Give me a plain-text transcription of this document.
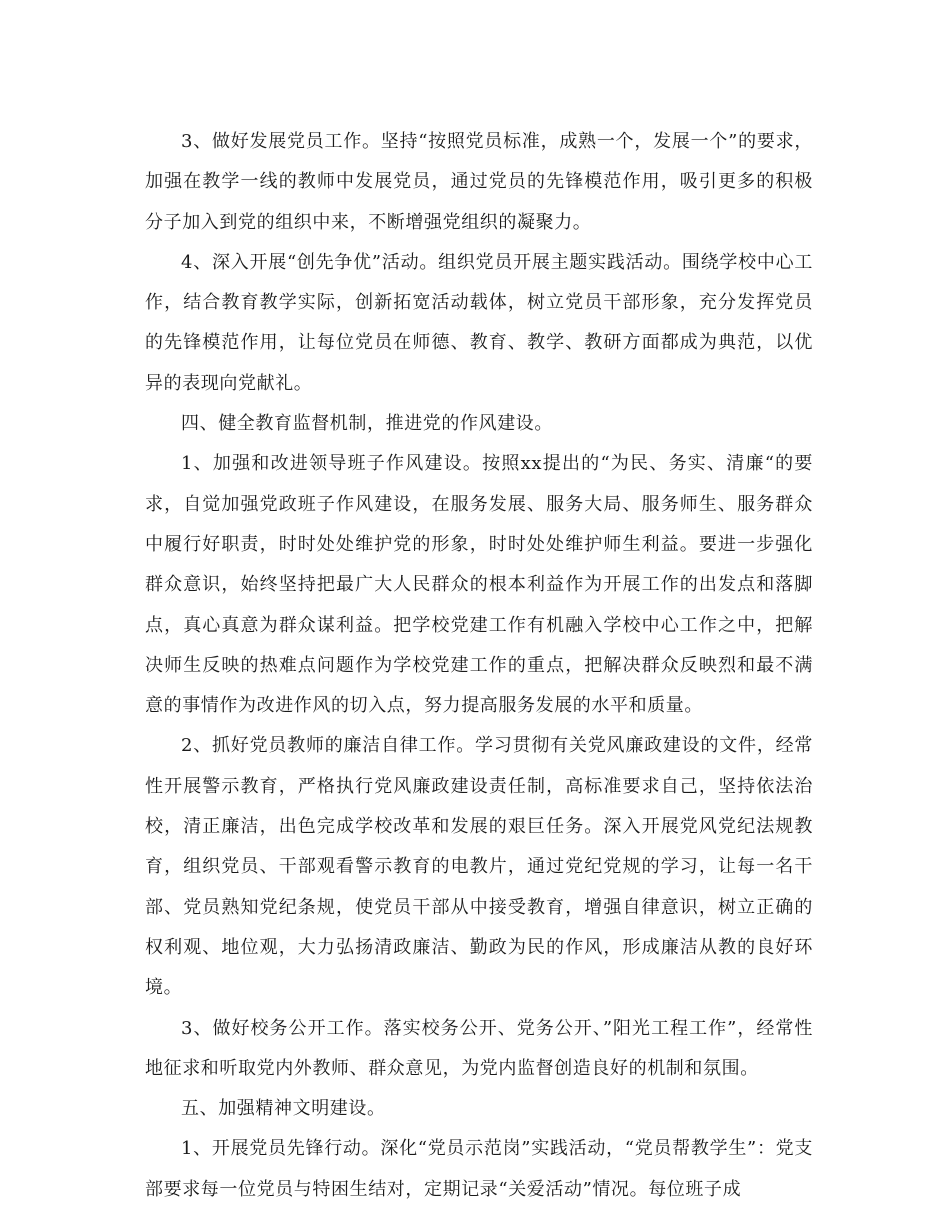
3、做好发展党员工作。坚持“按照党员标准，成熟一个，发展一个”的要求，加强在教学一线的教师中发展党员，通过党员的先锋模范作用，吸引更多的积极分子加入到党的组织中来，不断增强党组织的凝聚力。

4、深入开展“创先争优”活动。组织党员开展主题实践活动。围绕学校中心工作，结合教育教学实际，创新拓宽活动载体，树立党员干部形象，充分发挥党员的先锋模范作用，让每位党员在师德、教育、教学、教研方面都成为典范，以优异的表现向党献礼。

四、健全教育监督机制，推进党的作风建设。

1、加强和改进领导班子作风建设。按照xx提出的“为民、务实、清廉“的要求，自觉加强党政班子作风建设，在服务发展、服务大局、服务师生、服务群众中履行好职责，时时处处维护党的形象，时时处处维护师生利益。要进一步强化群众意识，始终坚持把最广大人民群众的根本利益作为开展工作的出发点和落脚点，真心真意为群众谋利益。把学校党建工作有机融入学校中心工作之中，把解决师生反映的热难点问题作为学校党建工作的重点，把解决群众反映烈和最不满意的事情作为改进作风的切入点，努力提高服务发展的水平和质量。

2、抓好党员教师的廉洁自律工作。学习贯彻有关党风廉政建设的文件，经常性开展警示教育，严格执行党风廉政建设责任制，高标准要求自己，坚持依法治校，清正廉洁，出色完成学校改革和发展的艰巨任务。深入开展党风党纪法规教育，组织党员、干部观看警示教育的电教片，通过党纪党规的学习，让每一名干部、党员熟知党纪条规，使党员干部从中接受教育，增强自律意识，树立正确的权利观、地位观，大力弘扬清政廉洁、勤政为民的作风，形成廉洁从教的良好环境。

3、做好校务公开工作。落实校务公开、党务公开、”阳光工程工作”，经常性地征求和听取党内外教师、群众意见，为党内监督创造良好的机制和氛围。

五、加强精神文明建设。

1、开展党员先锋行动。深化“党员示范岗”实践活动，“党员帮教学生”：党支部要求每一位党员与特困生结对，定期记录“关爱活动”情况。每位班子成
